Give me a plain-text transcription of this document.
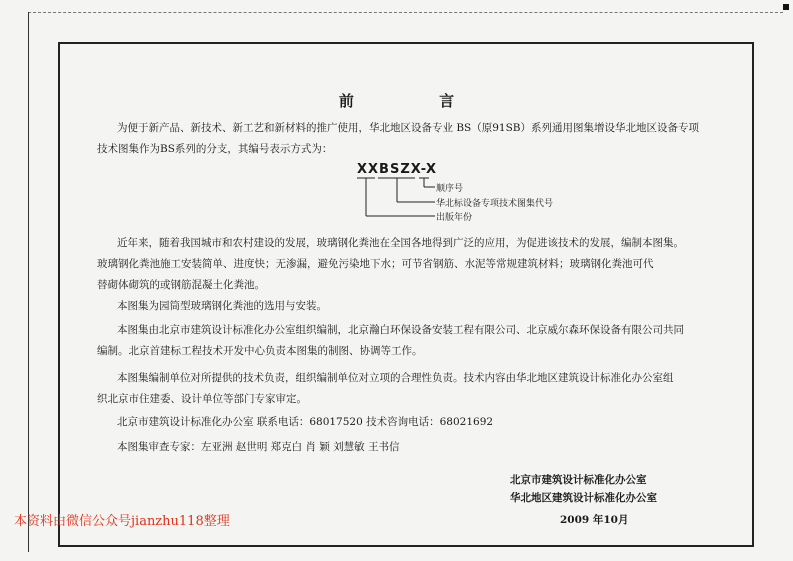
前 言
为便于新产品、新技术、新工艺和新材料的推广使用，华北地区设备专业 BS（原91SB）系列通用图集增设华北地区设备专项
技术图集作为BS系列的分支，其编号表示方式为：
XXBSZX-X
顺序号
华北标设备专项技术图集代号
出版年份
近年来，随着我国城市和农村建设的发展，玻璃钢化粪池在全国各地得到广泛的应用，为促进该技术的发展，编制本图集。
玻璃钢化粪池施工安装简单、进度快；无渗漏，避免污染地下水；可节省钢筋、水泥等常规建筑材料；玻璃钢化粪池可代
替砌体砌筑的或钢筋混凝土化粪池。
本图集为园筒型玻璃钢化粪池的选用与安装。
本图集由北京市建筑设计标准化办公室组织编制，北京瀚白环保设备安装工程有限公司、北京威尔森环保设备有限公司共同
编制。北京首建标工程技术开发中心负责本图集的制图、协调等工作。
本图集编制单位对所提供的技术负责，组织编制单位对立项的合理性负责。技术内容由华北地区建筑设计标准化办公室组
织北京市住建委、设计单位等部门专家审定。
北京市建筑设计标准化办公室 联系电话：68017520 技术咨询电话：68021692
本图集审查专家：左亚洲 赵世明 郑克白 肖 颖 刘慧敏 王书信
北京市建筑设计标准化办公室
华北地区建筑设计标准化办公室
2009 年10月
本资料由微信公众号jianzhu118整理
